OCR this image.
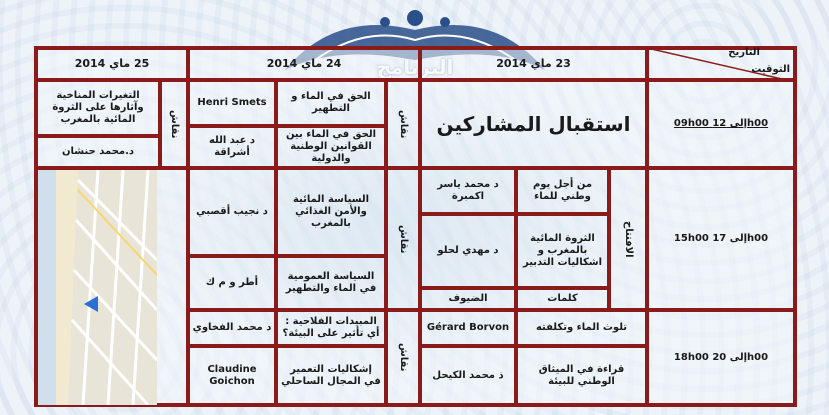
25 ماي 2014	24 ماي 2014	23 ماي 2014
التاريخ
التوقيت
09h00 إلى 12h00
15h00 إلى 17h00
18h00 إلى 20h00
استقبال المشاركين
الافتتاح
من أجل يوم وطني للماء
د محمد ياسر اكمبرة
الثروة المائية بالمغرب و اشكاليات التدبير
د مهدي لحلو
كلمات
الضيوف
تلوث الماء وتكلفته
Gérard Borvon
قراءة في الميثاق الوطني للبيئة
ذ محمد الكيحل
نقاش
نقاش
الحق في الماء و التطهير
Henri Smets
الحق في الماء بين القوانين الوطنية والدولية
د عبد الله أشراقة
نقاش
السياسة المائية والأمن الغذائي بالمغرب
د نجيب أقصبي
السياسة العمومية في الماء والتطهير
أطر و م ك
المبيدات الفلاحية : أي تأثير على البيئة؟
د محمد الفخاوي
إشكاليات التعمير في المجال الساحلي
Claudine Goichon
نقاش
التغيرات المناخية وآثارها على الثروة المائية بالمغرب
د.محمد حنشان
